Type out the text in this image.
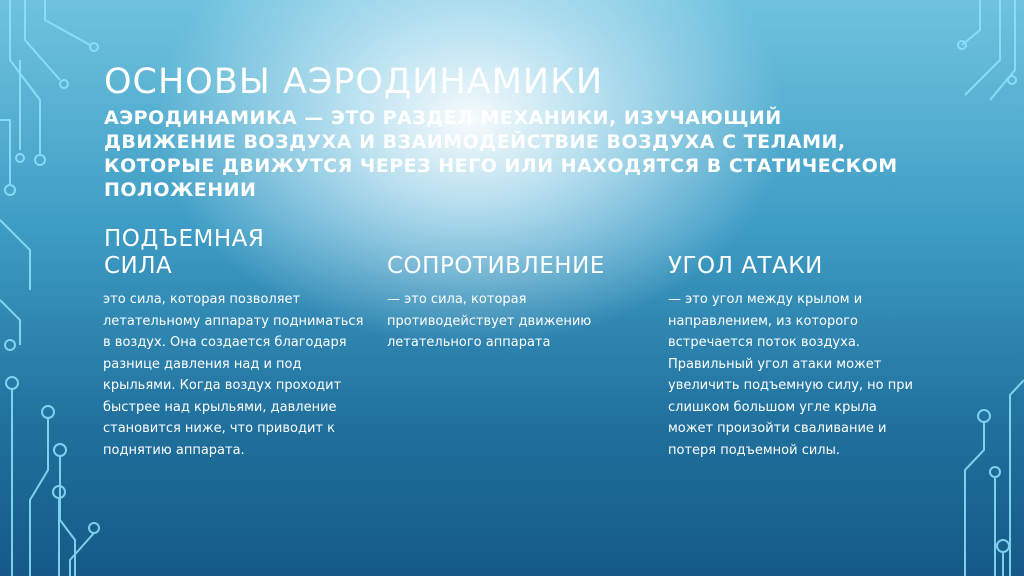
ОСНОВЫ АЭРОДИНАМИКИ

АЭРОДИНАМИКА — ЭТО РАЗДЕЛ МЕХАНИКИ, ИЗУЧАЮЩИЙ ДВИЖЕНИЕ ВОЗДУХА И ВЗАИМОДЕЙСТВИЕ ВОЗДУХА С ТЕЛАМИ, КОТОРЫЕ ДВИЖУТСЯ ЧЕРЕЗ НЕГО ИЛИ НАХОДЯТСЯ В СТАТИЧЕСКОМ ПОЛОЖЕНИИ

ПОДЪЕМНАЯ СИЛА	СОПРОТИВЛЕНИЕ	УГОЛ АТАКИ
это сила, которая позволяет летательному аппарату подниматься в воздух. Она создается благодаря разнице давления над и под крыльями. Когда воздух проходит быстрее над крыльями, давление становится ниже, что приводит к поднятию аппарата.
— это сила, которая противодействует движению летательного аппарата
— это угол между крылом и направлением, из которого встречается поток воздуха. Правильный угол атаки может увеличить подъемную силу, но при слишком большом угле крыла может произойти сваливание и потеря подъемной силы.
